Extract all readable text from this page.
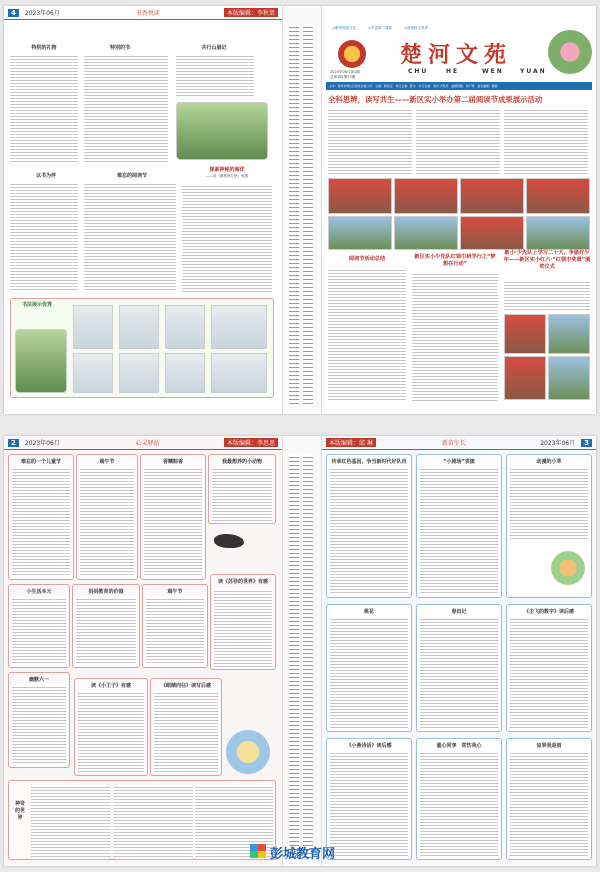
4	2023年06月	书香悦读	本版编辑：李秋贤
特别的礼物	特别的书	共行山崩记
以书为伴	难忘的阅读节
探索神秘的海洋
——读《海底两万里》有感
书法展示优秀
◎繁荣校园文化	◎丰富第二课堂	◎展现师生风采
2023年06月第1期
总第1期 第77期
楚河文苑
CHU	HE	WEN	YUAN
主办：徐州市铜山区新区实验小学　总编：顾家安　责任主编：陈永　执行主编：刘玲 卢秋英　编辑部邮：侯广婷　美术编辑：魏茜
全科思辨，读写共生——新区实小举办第二届阅读节成果展示活动
阅读节活动总结	新区实小少先队红领巾研学行之“梦想在行动”
新小·少先队上学习二十大、争做好少年——新区实小红六·“红领巾奖章”颁奖仪式
2	2023年06月	心灵驿站	本版编辑：李思思
难忘的一个儿童节	端午节	香糯粽香	我最想养的小动物
小生活本元	妈妈教育的价值	端午节
读《苏菲的世界》有感
读《小王子》有感	《眼睛向往》读写后感
幽默六一
神奇的世界
本版编辑：邱 琳	新苗生长	2023年06月	3
传承红色基因，争当新时代好队员	“小剧场”表演	动漫的小萃
桃花	春田记	《尘飞的数字》读后感
《小燕诗话》读后感	童心同享　常饮我心	如果我是雨
彭城教育网
